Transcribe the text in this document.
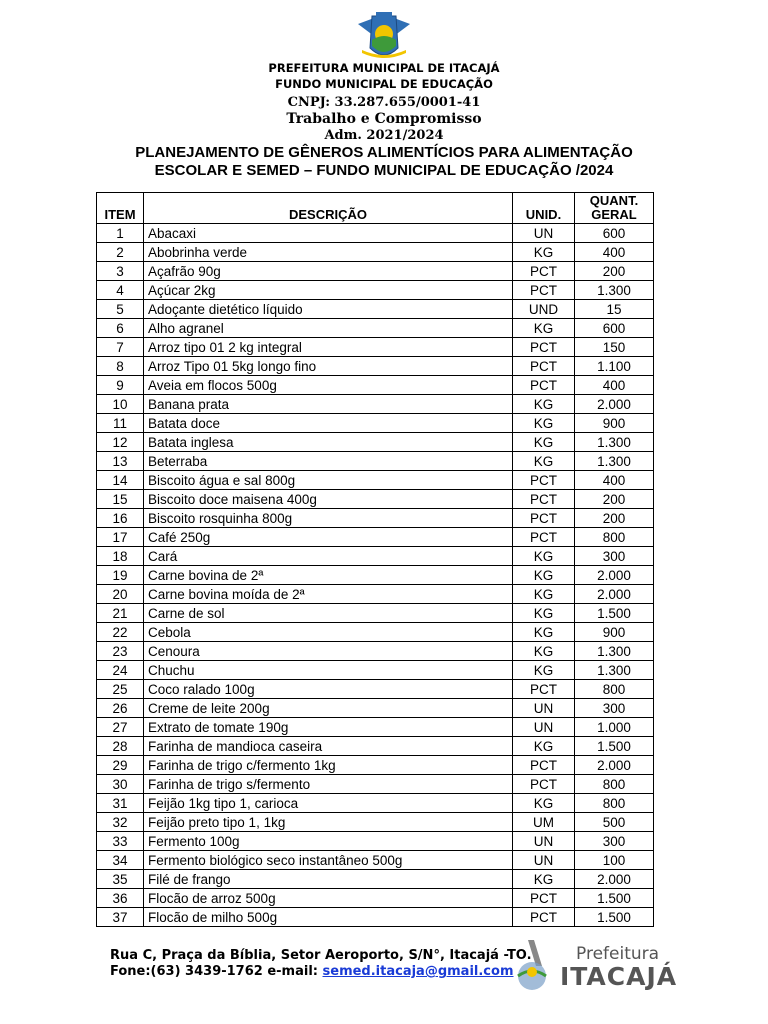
PREFEITURA MUNICIPAL DE ITACAJÁ
FUNDO MUNICIPAL DE EDUCAÇÃO
CNPJ: 33.287.655/0001-41
Trabalho e Compromisso
Adm. 2021/2024
PLANEJAMENTO DE GÊNEROS ALIMENTÍCIOS PARA ALIMENTAÇÃO
ESCOLAR E SEMED – FUNDO MUNICIPAL DE EDUCAÇÃO /2024
ITEM	DESCRIÇÃO	UNID.	QUANT.
GERAL

1	Abacaxi	UN	600
2	Abobrinha verde	KG	400
3	Açafrão 90g	PCT	200
4	Açúcar 2kg	PCT	1.300
5	Adoçante dietético líquido	UND	15
6	Alho agranel	KG	600
7	Arroz tipo 01 2 kg integral	PCT	150
8	Arroz Tipo 01 5kg longo fino	PCT	1.100
9	Aveia em flocos 500g	PCT	400
10	Banana prata	KG	2.000
11	Batata doce	KG	900
12	Batata inglesa	KG	1.300
13	Beterraba	KG	1.300
14	Biscoito água e sal 800g	PCT	400
15	Biscoito doce maisena 400g	PCT	200
16	Biscoito rosquinha 800g	PCT	200
17	Café 250g	PCT	800
18	Cará	KG	300
19	Carne bovina de 2ª	KG	2.000
20	Carne bovina moída de 2ª	KG	2.000
21	Carne de sol	KG	1.500
22	Cebola	KG	900
23	Cenoura	KG	1.300
24	Chuchu	KG	1.300
25	Coco ralado 100g	PCT	800
26	Creme de leite 200g	UN	300
27	Extrato de tomate 190g	UN	1.000
28	Farinha de mandioca caseira	KG	1.500
29	Farinha de trigo c/fermento 1kg	PCT	2.000
30	Farinha de trigo s/fermento	PCT	800
31	Feijão 1kg tipo 1, carioca	KG	800
32	Feijão preto tipo 1, 1kg	UM	500
33	Fermento 100g	UN	300
34	Fermento biológico seco instantâneo 500g	UN	100
35	Filé de frango	KG	2.000
36	Flocão de arroz 500g	PCT	1.500
37	Flocão de milho 500g	PCT	1.500
Rua C, Praça da Bíblia, Setor Aeroporto, S/N°, Itacajá -TO.
Fone:(63) 3439-1762 e-mail: semed.itacaja@gmail.com
Prefeitura
ITACAJÁ
